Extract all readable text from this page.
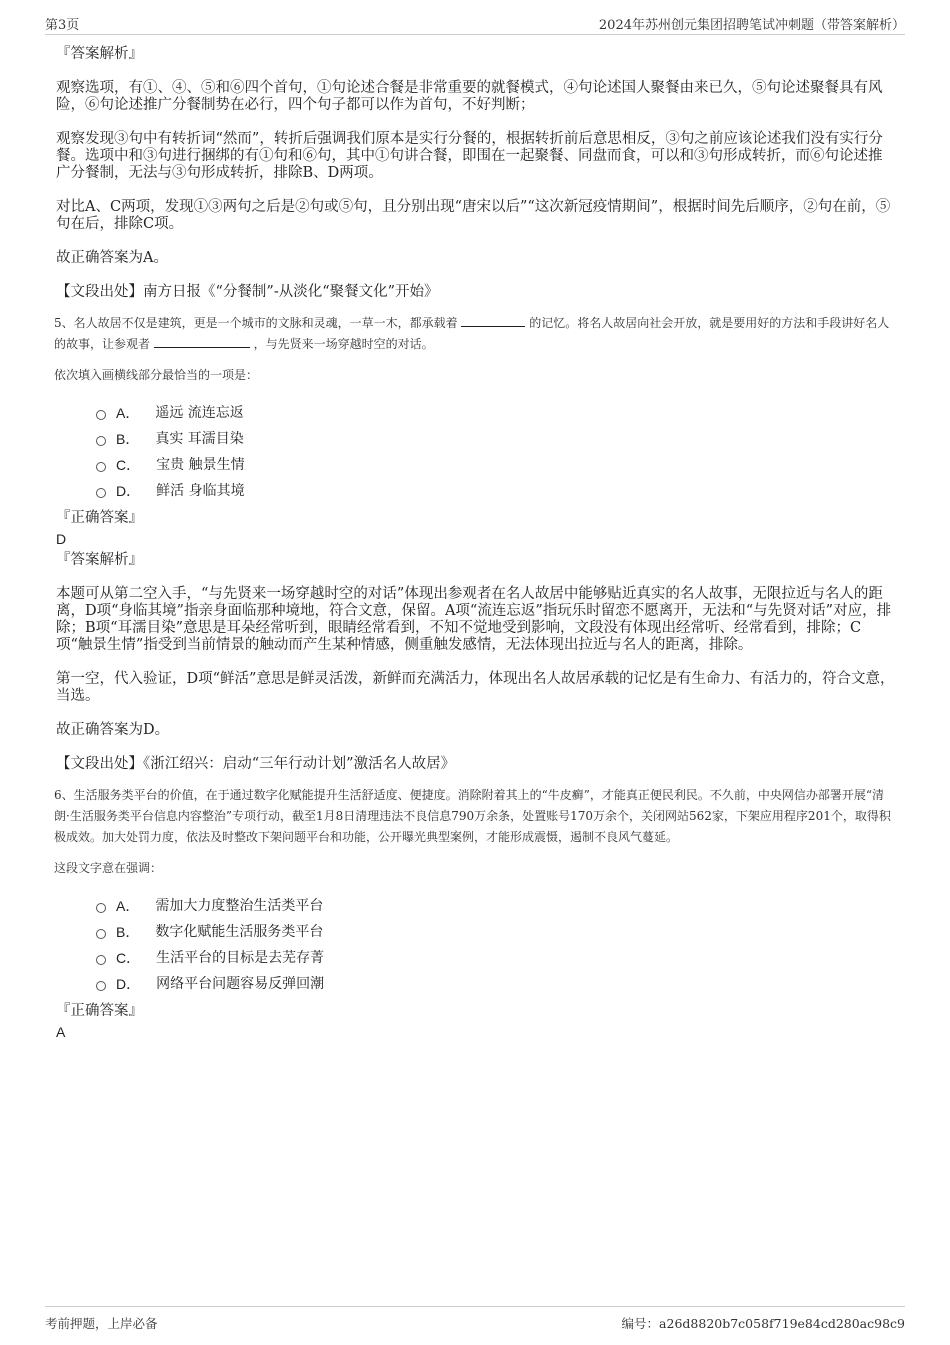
第3页	2024年苏州创元集团招聘笔试冲刺题（带答案解析）

『答案解析』

观察选项，有①、④、⑤和⑥四个首句，①句论述合餐是非常重要的就餐模式，④句论述国人聚餐由来已久，⑤句论述聚餐具有风险，⑥句论述推广分餐制势在必行，四个句子都可以作为首句，不好判断；

观察发现③句中有转折词“然而”，转折后强调我们原本是实行分餐的，根据转折前后意思相反，③句之前应该论述我们没有实行分餐。选项中和③句进行捆绑的有①句和⑥句，其中①句讲合餐，即围在一起聚餐、同盘而食，可以和③句形成转折，而⑥句论述推广分餐制，无法与③句形成转折，排除B、D两项。

对比A、C两项，发现①③两句之后是②句或⑤句，且分别出现“唐宋以后”“这次新冠疫情期间”，根据时间先后顺序，②句在前，⑤句在后，排除C项。

故正确答案为A。

【文段出处】南方日报《“分餐制”-从淡化“聚餐文化”开始》

5、名人故居不仅是建筑，更是一个城市的文脉和灵魂，一草一木，都承载着	的记忆。将名人故居向社会开放，就是要用好的方法和手段讲好名人的故事，让参观者	，与先贤来一场穿越时空的对话。

依次填入画横线部分最恰当的一项是：

A． 遥远 流连忘返
B． 真实 耳濡目染
C． 宝贵 触景生情
D． 鲜活 身临其境

『正确答案』

D

『答案解析』

本题可从第二空入手，“与先贤来一场穿越时空的对话”体现出参观者在名人故居中能够贴近真实的名人故事，无限拉近与名人的距离，D项“身临其境”指亲身面临那种境地，符合文意，保留。A项“流连忘返”指玩乐时留恋不愿离开，无法和“与先贤对话”对应，排除；B项“耳濡目染”意思是耳朵经常听到，眼睛经常看到，不知不觉地受到影响，文段没有体现出经常听、经常看到，排除；C项“触景生情”指受到当前情景的触动而产生某种情感，侧重触发感情，无法体现出拉近与名人的距离，排除。

第一空，代入验证，D项“鲜活”意思是鲜灵活泼，新鲜而充满活力，体现出名人故居承载的记忆是有生命力、有活力的，符合文意，当选。

故正确答案为D。

【文段出处】《浙江绍兴：启动“三年行动计划”激活名人故居》

6、生活服务类平台的价值，在于通过数字化赋能提升生活舒适度、便捷度。消除附着其上的“牛皮癣”，才能真正便民利民。不久前，中央网信办部署开展“清朗·生活服务类平台信息内容整治”专项行动，截至1月8日清理违法不良信息790万余条，处置账号170万余个，关闭网站562家，下架应用程序201个，取得积极成效。加大处罚力度，依法及时整改下架问题平台和功能，公开曝光典型案例，才能形成震慑，遏制不良风气蔓延。

这段文字意在强调：

A． 需加大力度整治生活类平台
B． 数字化赋能生活服务类平台
C． 生活平台的目标是去芜存菁
D． 网络平台问题容易反弹回潮

『正确答案』

A

考前押题，上岸必备	编号：a26d8820b7c058f719e84cd280ac98c9
